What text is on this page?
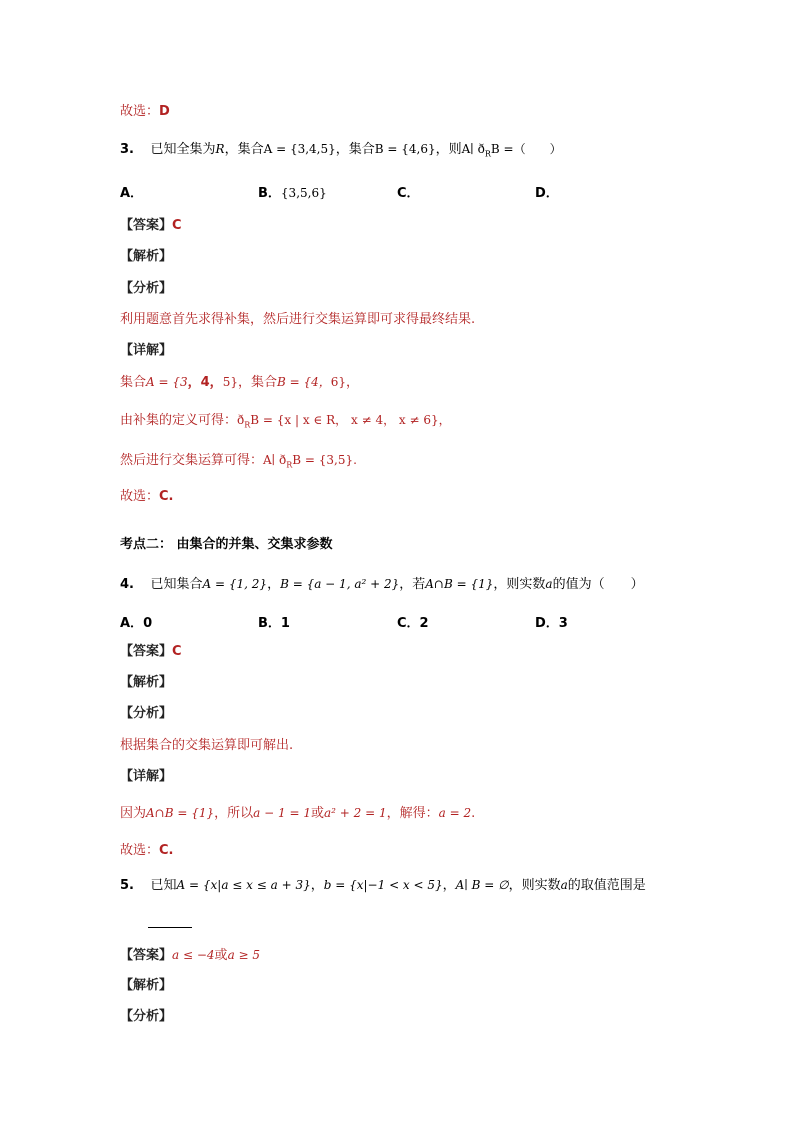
故选：D
3. 已知全集为R，集合A = {3,4,5}，集合B = {4,6}，则A∣ $ð_RB$ =（　　）
A．	B．{3,5,6}	C．	D．
【答案】C
【解析】
【分析】
利用题意首先求得补集，然后进行交集运算即可求得最终结果.
【详解】
集合A = {3，4，5}，集合B = {4，6}，
由补集的定义可得：$ð_RB = \{x$ | x ∈ R， x ≠ 4， x ≠ 6}，
然后进行交集运算可得：A∣ $ð_RB = \{3,5\}$.
故选：C.
考点二： 由集合的并集、交集求参数
4. 已知集合A = {1, 2}，B = {a − 1, a² + 2}，若A∩B = {1}，则实数a的值为（　　）
A．0	B．1	C．2	D．3
【答案】C
【解析】
【分析】
根据集合的交集运算即可解出.
【详解】
因为A∩B = {1}，所以a − 1 = 1或a² + 2 = 1，解得：a = 2.
故选：C.
5. 已知A = {x|a ≤ x ≤ a + 3}，b = {x|−1 < x < 5}，A∣ B = ∅，则实数a的取值范围是
【答案】a ≤ −4或a ≥ 5
【解析】
【分析】
